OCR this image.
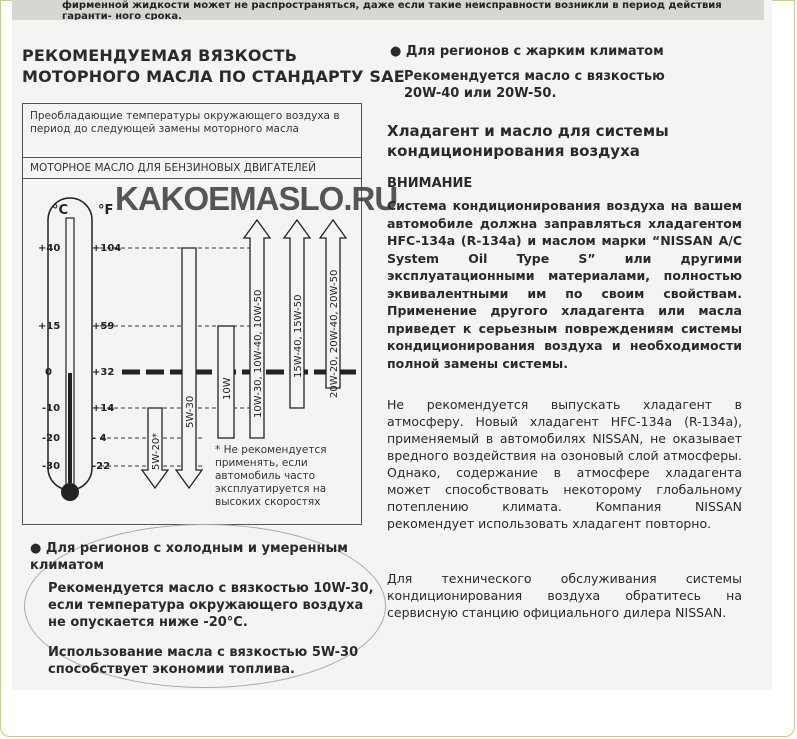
фирменной жидкости может не распространяться, даже если такие неисправности возникли в период действия гаранти- ного срока.
РЕКОМЕНДУЕМАЯ ВЯЗКОСТЬ
МОТОРНОГО МАСЛА ПО СТАНДАРТУ SAE
Преобладающие температуры окружающего воздуха в период до следующей замены моторного масла
МОТОРНОЕ МАСЛО ДЛЯ БЕНЗИНОВЫХ ДВИГАТЕЛЕЙ
5W-20*
5W-30
10W 10W-30, 10W-40, 10W-50	15W-40, 15W-50	20W-20, 20W-40, 20W-50
°C °F
+40
+15
0
-10
-20
-30
+104
+59
+32
+14
- 4
-22
KAKOEMASLO.RU
* Не рекомендуется применять, если автомобиль часто эксплуатируется на высоких скоростях
● Для регионов с холодным и умеренным климатом
Рекомендуется масло с вязкостью 10W-30, если температура окружающего воздуха не опускается ниже -20°C.
Использование масла с вязкостью 5W-30 способствует экономии топлива.
● Для регионов с жарким климатом
Рекомендуется масло с вязкостью 20W-40 или 20W-50.
Хладагент и масло для системы кондиционирования воздуха
ВНИМАНИЕ
Система кондиционирования воздуха на вашем автомобиле должна заправляться хладагентом HFC-134a (R-134a) и маслом марки “NISSAN A/C System Oil Type S” или другими эксплуатационными материалами, полностью эквивалентными им по своим свойствам. Применение другого хладагента или масла приведет к серьезным повреждениям системы кондиционирования воздуха и необходимости полной замены системы.
Не рекомендуется выпускать хладагент в атмосферу. Новый хладагент HFC-134a (R-134a), применяемый в автомобилях NISSAN, не оказывает вредного воздействия на озоновый слой атмосферы. Однако, содержание в атмосфере хладагента может способствовать некоторому глобальному потеплению климата. Компания NISSAN рекомендует использовать хладагент повторно.
Для технического обслуживания системы кондиционирования воздуха обратитесь на сервисную станцию официального дилера NISSAN.
